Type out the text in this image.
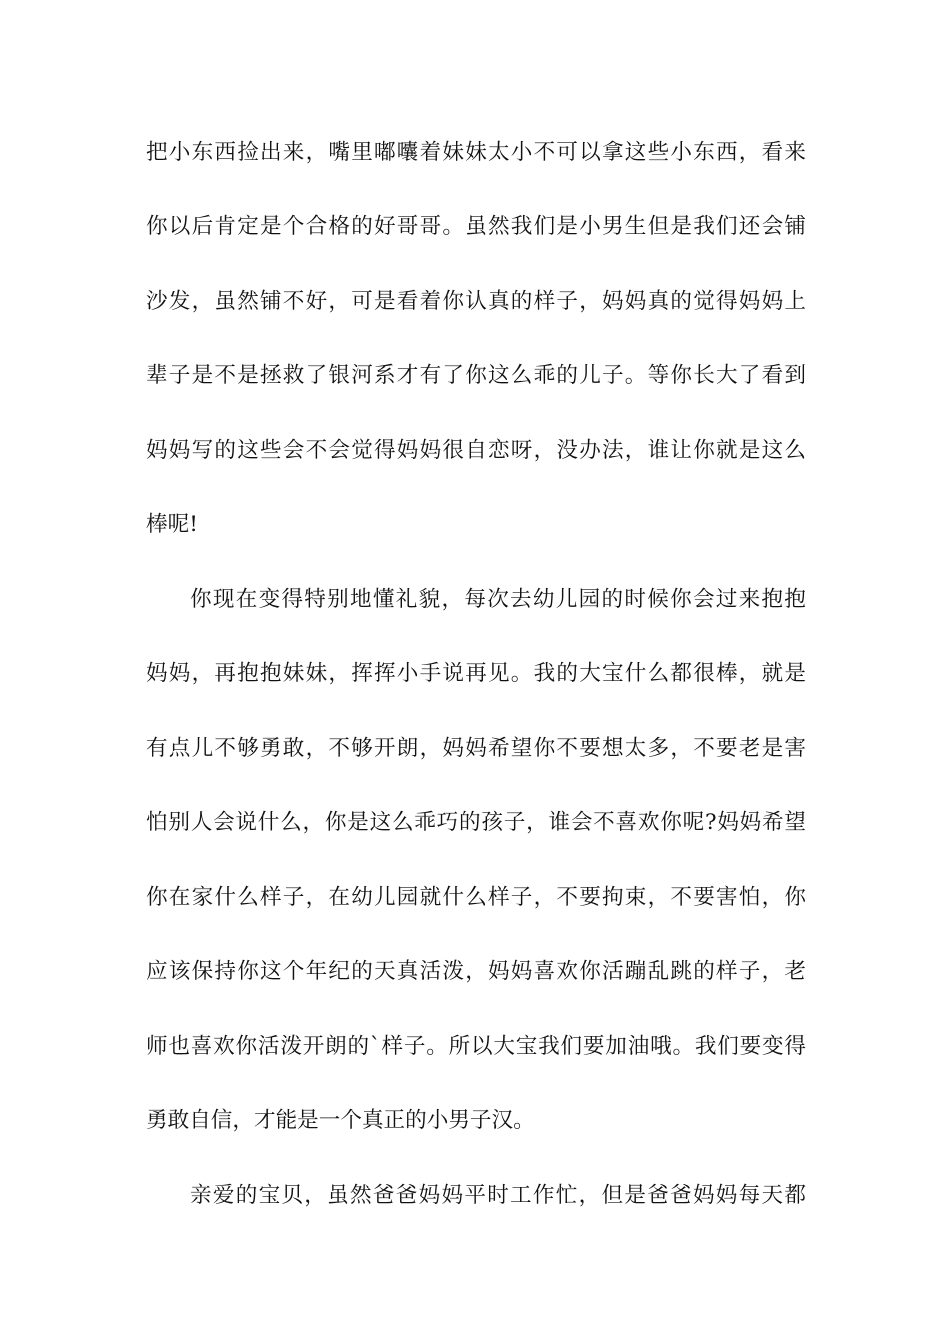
把小东西捡出来，嘴里嘟囔着妹妹太小不可以拿这些小东西，看来
你以后肯定是个合格的好哥哥。虽然我们是小男生但是我们还会铺
沙发，虽然铺不好，可是看着你认真的样子，妈妈真的觉得妈妈上
辈子是不是拯救了银河系才有了你这么乖的儿子。等你长大了看到
妈妈写的这些会不会觉得妈妈很自恋呀，没办法，谁让你就是这么
棒呢!
你现在变得特别地懂礼貌，每次去幼儿园的时候你会过来抱抱
妈妈，再抱抱妹妹，挥挥小手说再见。我的大宝什么都很棒，就是
有点儿不够勇敢，不够开朗，妈妈希望你不要想太多，不要老是害
怕别人会说什么，你是这么乖巧的孩子，谁会不喜欢你呢?妈妈希望
你在家什么样子，在幼儿园就什么样子，不要拘束，不要害怕，你
应该保持你这个年纪的天真活泼，妈妈喜欢你活蹦乱跳的样子，老
师也喜欢你活泼开朗的`样子。所以大宝我们要加油哦。我们要变得
勇敢自信，才能是一个真正的小男子汉。
亲爱的宝贝，虽然爸爸妈妈平时工作忙，但是爸爸妈妈每天都
